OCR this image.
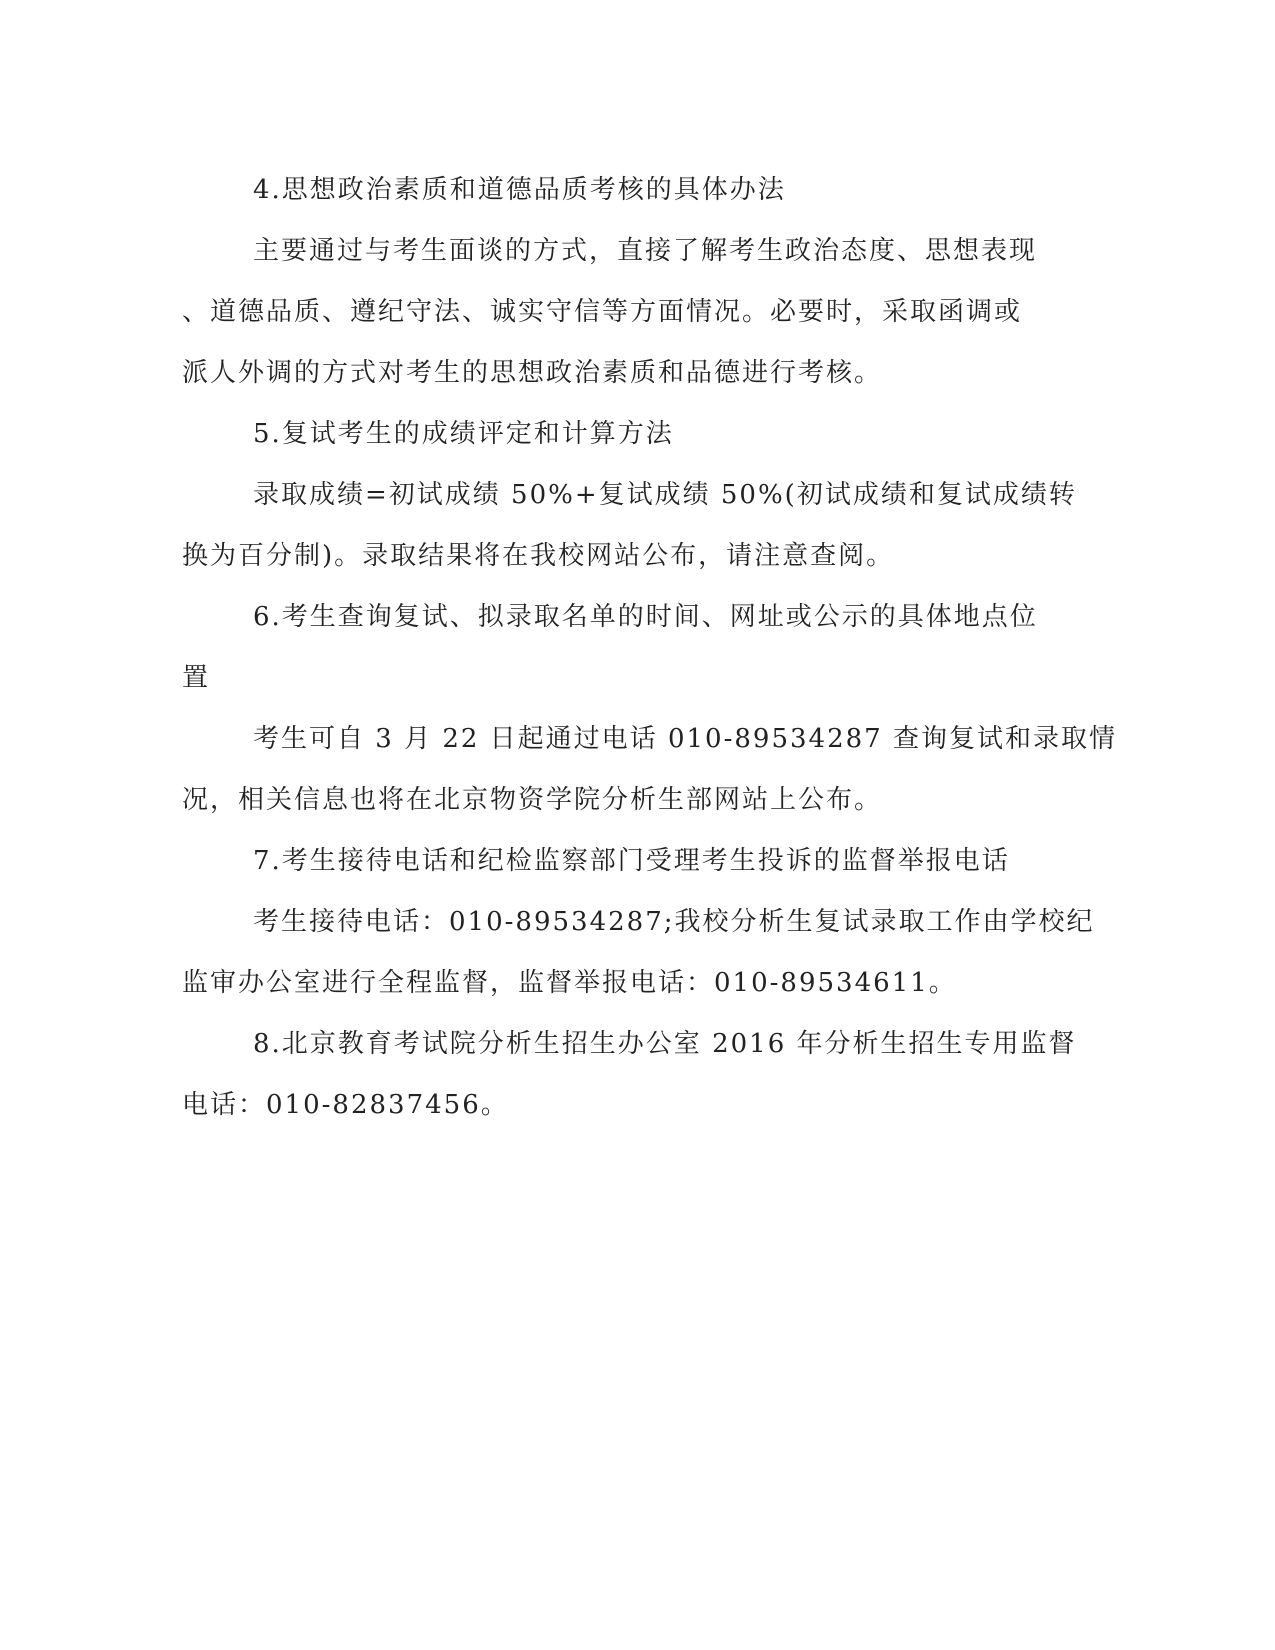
4.思想政治素质和道德品质考核的具体办法
主要通过与考生面谈的方式，直接了解考生政治态度、思想表现
、道德品质、遵纪守法、诚实守信等方面情况。必要时，采取函调或
派人外调的方式对考生的思想政治素质和品德进行考核。
5.复试考生的成绩评定和计算方法
录取成绩=初试成绩 50%+复试成绩 50%(初试成绩和复试成绩转
换为百分制)。录取结果将在我校网站公布，请注意查阅。
6.考生查询复试、拟录取名单的时间、网址或公示的具体地点位
置
考生可自 3 月 22 日起通过电话 010-89534287 查询复试和录取情
况，相关信息也将在北京物资学院分析生部网站上公布。
7.考生接待电话和纪检监察部门受理考生投诉的监督举报电话
考生接待电话：010-89534287;我校分析生复试录取工作由学校纪
监审办公室进行全程监督，监督举报电话：010-89534611。
8.北京教育考试院分析生招生办公室 2016 年分析生招生专用监督
电话：010-82837456。
